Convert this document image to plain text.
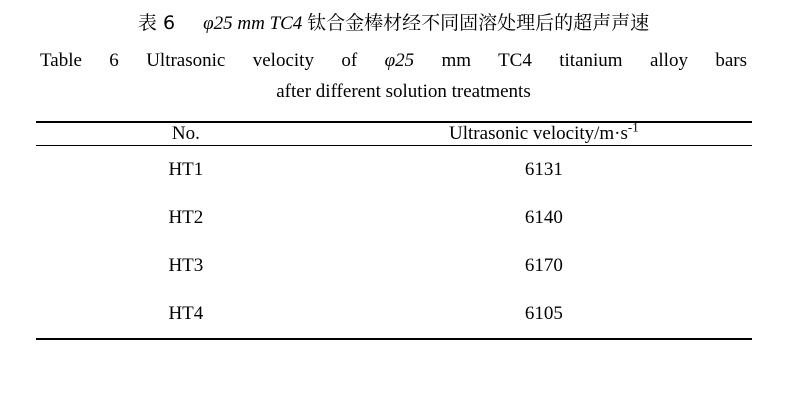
表 6 φ25 mm TC4 钛合金棒材经不同固溶处理后的超声声速
Table 6 Ultrasonic velocity of φ25 mm TC4 titanium alloy bars
after different solution treatments

No.	Ultrasonic velocity/$m\cdot s^{-1}$

HT1	6131
HT2	6140
HT3	6170
HT4	6105
